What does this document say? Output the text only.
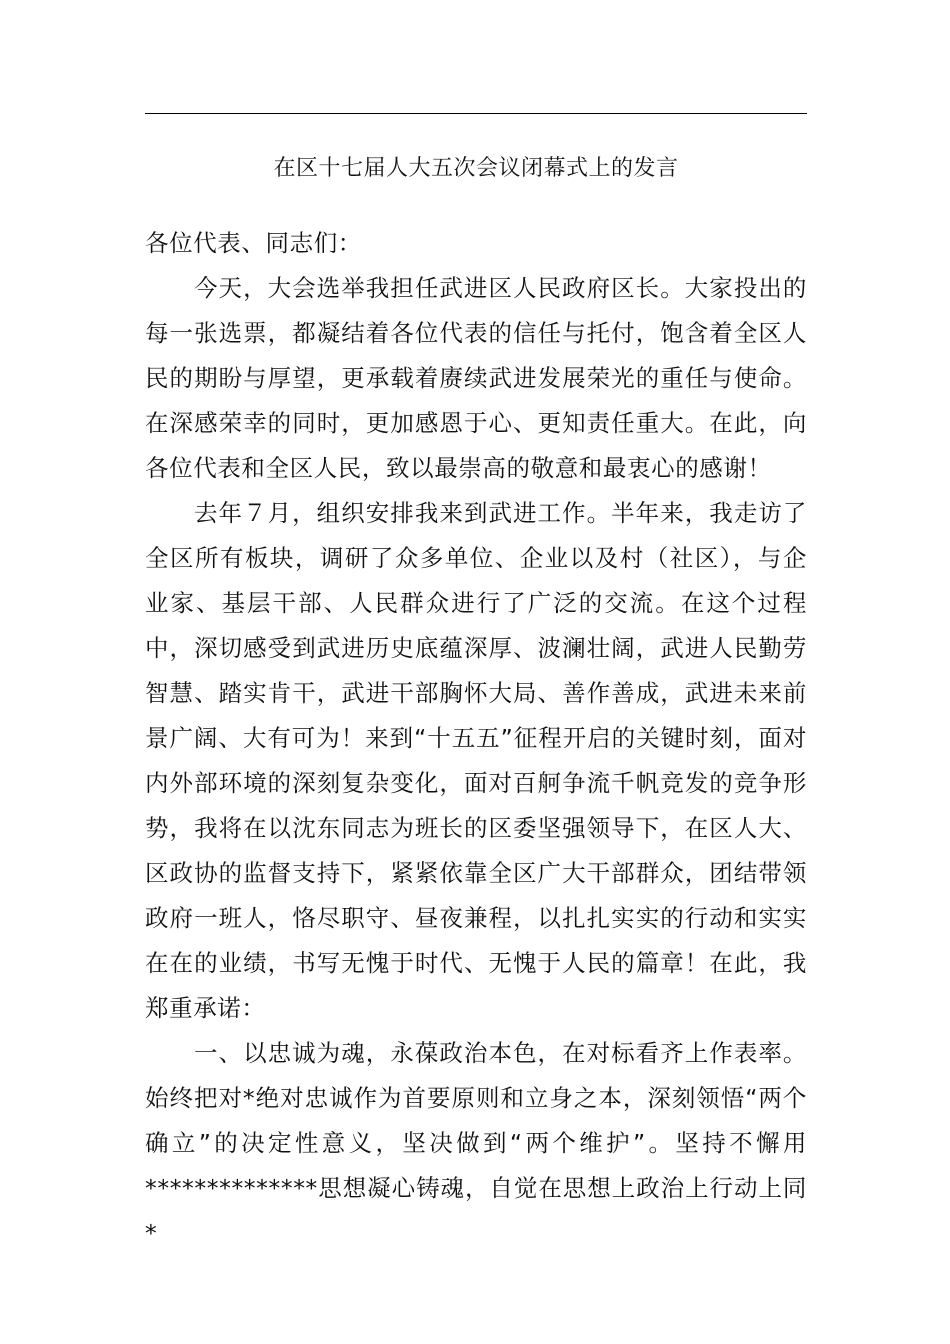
在区十七届人大五次会议闭幕式上的发言

各位代表、同志们：

今天，大会选举我担任武进区人民政府区长。大家投出的每一张选票，都凝结着各位代表的信任与托付，饱含着全区人民的期盼与厚望，更承载着赓续武进发展荣光的重任与使命。在深感荣幸的同时，更加感恩于心、更知责任重大。在此，向各位代表和全区人民，致以最崇高的敬意和最衷心的感谢！

去年７月，组织安排我来到武进工作。半年来，我走访了全区所有板块，调研了众多单位、企业以及村（社区），与企业家、基层干部、人民群众进行了广泛的交流。在这个过程中，深切感受到武进历史底蕴深厚、波澜壮阔，武进人民勤劳智慧、踏实肯干，武进干部胸怀大局、善作善成，武进未来前景广阔、大有可为！来到“十五五”征程开启的关键时刻，面对内外部环境的深刻复杂变化，面对百舸争流千帆竞发的竞争形势，我将在以沈东同志为班长的区委坚强领导下，在区人大、区政协的监督支持下，紧紧依靠全区广大干部群众，团结带领政府一班人，恪尽职守、昼夜兼程，以扎扎实实的行动和实实在在的业绩，书写无愧于时代、无愧于人民的篇章！在此，我郑重承诺：

一、以忠诚为魂，永葆政治本色，在对标看齐上作表率。始终把对*绝对忠诚作为首要原则和立身之本，深刻领悟“两个确立”的决定性意义，坚决做到“两个维护”。坚持不懈用**************思想凝心铸魂，自觉在思想上政治上行动上同*
